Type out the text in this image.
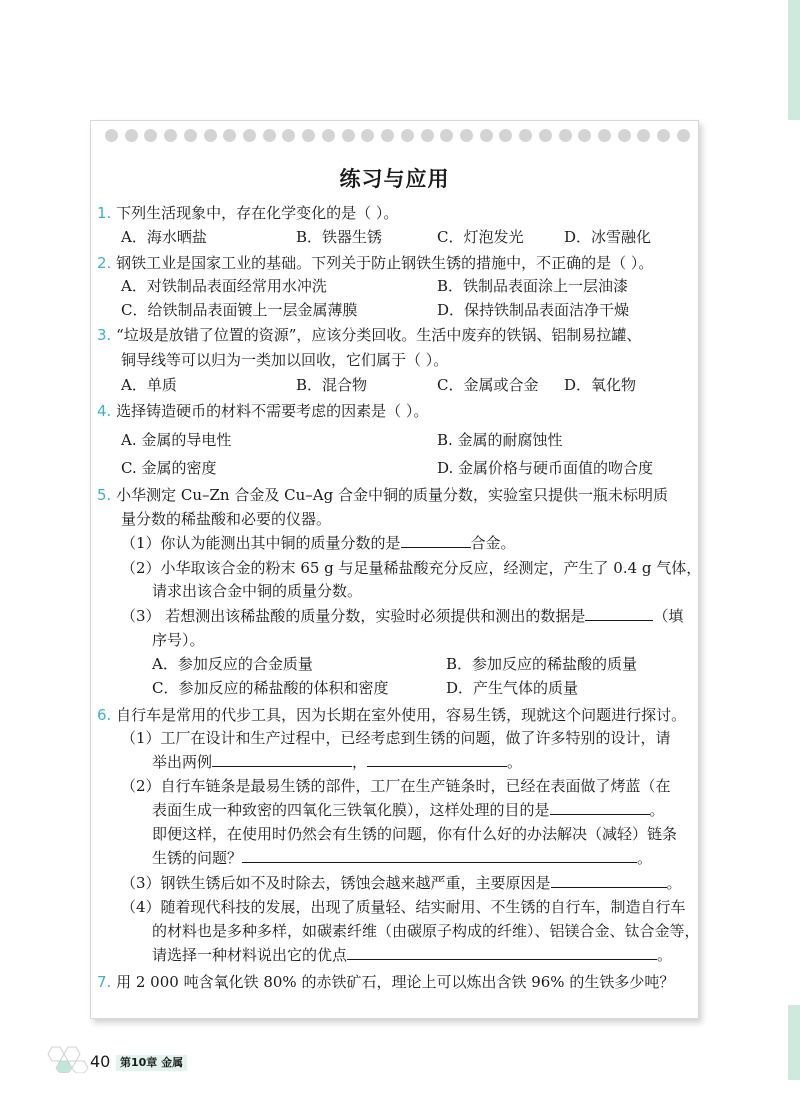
练习与应用
1. 下列生活现象中，存在化学变化的是（ ）。
A．海水晒盐	B．铁器生锈	C．灯泡发光	D．冰雪融化
2. 钢铁工业是国家工业的基础。下列关于防止钢铁生锈的措施中，不正确的是（ ）。
A．对铁制品表面经常用水冲洗	B．铁制品表面涂上一层油漆
C．给铁制品表面镀上一层金属薄膜	D．保持铁制品表面洁净干燥
3. “垃圾是放错了位置的资源”，应该分类回收。生活中废弃的铁锅、铝制易拉罐、
铜导线等可以归为一类加以回收，它们属于（ ）。
A．单质	B．混合物	C．金属或合金 D．氧化物
4. 选择铸造硬币的材料不需要考虑的因素是（ ）。
A. 金属的导电性	B. 金属的耐腐蚀性
C. 金属的密度	D. 金属价格与硬币面值的吻合度
5. 小华测定 Cu–Zn 合金及 Cu–Ag 合金中铜的质量分数，实验室只提供一瓶未标明质
量分数的稀盐酸和必要的仪器。
（1）你认为能测出其中铜的质量分数的是	合金。
（2）小华取该合金的粉末 65 g 与足量稀盐酸充分反应，经测定，产生了 0.4 g 气体，
请求出该合金中铜的质量分数。
（3） 若想测出该稀盐酸的质量分数，实验时必须提供和测出的数据是	（填
序号）。
A．参加反应的合金质量	B．参加反应的稀盐酸的质量
C．参加反应的稀盐酸的体积和密度	D．产生气体的质量
6. 自行车是常用的代步工具，因为长期在室外使用，容易生锈，现就这个问题进行探讨。
（1）工厂在设计和生产过程中，已经考虑到生锈的问题，做了许多特别的设计，请
举出两例	，	。
（2）自行车链条是最易生锈的部件，工厂在生产链条时，已经在表面做了烤蓝（在
表面生成一种致密的四氧化三铁氧化膜），这样处理的目的是	。
即便这样，在使用时仍然会有生锈的问题，你有什么好的办法解决（减轻）链条
生锈的问题？	。
（3）钢铁生锈后如不及时除去，锈蚀会越来越严重，主要原因是	。
（4）随着现代科技的发展，出现了质量轻、结实耐用、不生锈的自行车，制造自行车
的材料也是多种多样，如碳素纤维（由碳原子构成的纤维）、铝镁合金、钛合金等，
请选择一种材料说出它的优点	。
7. 用 2 000 吨含氧化铁 80% 的赤铁矿石，理论上可以炼出含铁 96% 的生铁多少吨？
40 第10章 金属
